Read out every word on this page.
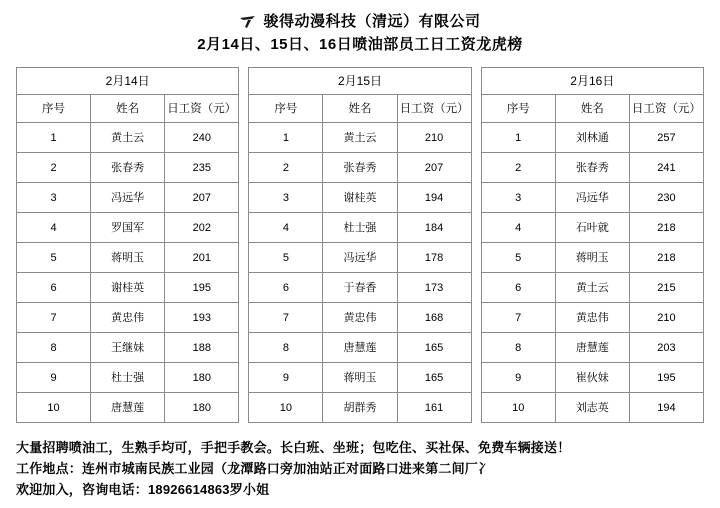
骏得动漫科技（清远）有限公司
2月14日、15日、16日喷油部员工日工资龙虎榜
2月14日		
序号	姓名	日工资（元）
1	黄土云	240
2	张春秀	235
3	冯远华	207
4	罗国军	202
5	蒋明玉	201
6	谢桂英	195
7	黄忠伟	193
8	王继妹	188
9	杜士强	180
10	唐慧莲	180
2月15日		
序号	姓名	日工资（元）
1	黄土云	210
2	张春秀	207
3	谢桂英	194
4	杜士强	184
5	冯远华	178
6	于春香	173
7	黄忠伟	168
8	唐慧莲	165
9	蒋明玉	165
10	胡群秀	161
2月16日		
序号	姓名	日工资（元）
1	刘林通	257
2	张春秀	241
3	冯远华	230
4	石叶就	218
5	蒋明玉	218
6	黄土云	215
7	黄忠伟	210
8	唐慧莲	203
9	崔伙妹	195
10	刘志英	194
大量招聘喷油工，生熟手均可，手把手教会。长白班、坐班；包吃住、买社保、免费车辆接送！
工作地点：连州市城南民族工业园（龙潭路口旁加油站正对面路口进来第二间厂冫
欢迎加入，咨询电话：18926614863罗小姐
